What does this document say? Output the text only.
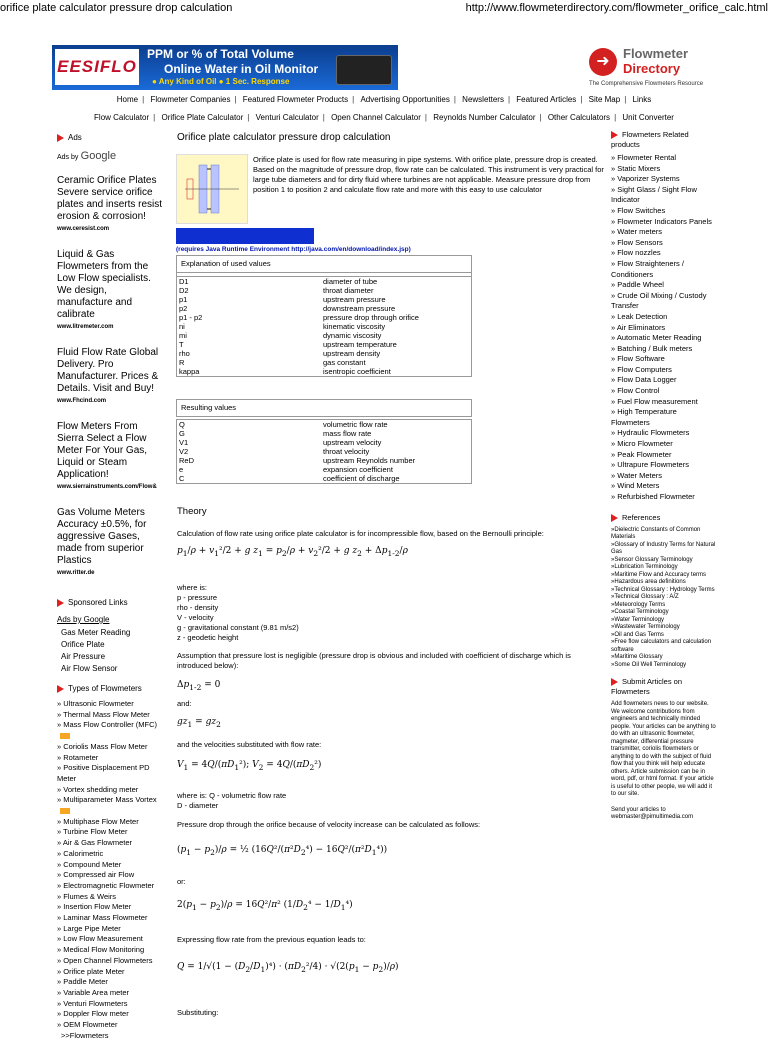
orifice plate calculator pressure drop calculation	http://www.flowmeterdirectory.com/flowmeter_orifice_calc.html
EESIFLO
PPM or % of Total Volume
Online Water in Oil Monitor
● Any Kind of Oil ● 1 Sec. Response
➜	Flowmeter
Directory
The Comprehensive Flowmeters Resource
Home | Flowmeter Companies | Featured Flowmeter Products | Advertising Opportunities | Newsletters | Featured Articles | Site Map | Links
Flow Calculator | Orifice Plate Calculator | Venturi Calculator | Open Channel Calculator | Reynolds Number Calculator | Other Calculators | Unit Converter
Ads
Ads by Google
Ceramic Orifice Plates Severe service orifice plates and inserts resist erosion & corrosion!
www.ceresist.com
Liquid & Gas Flowmeters from the Low Flow specialists. We design, manufacture and calibrate
www.litremeter.com
Fluid Flow Rate Global Delivery. Pro Manufacturer. Prices & Details. Visit and Buy!
www.Fhcind.com
Flow Meters From Sierra Select a Flow Meter For Your Gas, Liquid or Steam Application!
www.sierrainstruments.com/Flow&
Gas Volume Meters Accuracy ±0.5%, for aggressive Gases, made from superior Plastics
www.ritter.de
Sponsored Links
Ads by Google
Gas Meter Reading
Orifice Plate
Air Pressure
Air Flow Sensor
Types of Flowmeters
» Ultrasonic Flowmeter
» Thermal Mass Flow Meter
» Mass Flow Controller (MFC)
» Coriolis Mass Flow Meter
» Rotameter
» Positive Displacement PD Meter
» Vortex shedding meter
» Multiparameter Mass Vortex
» Multiphase Flow Meter
» Turbine Flow Meter
» Air & Gas Flowmeter
» Calorimetric
» Compound Meter
» Compressed air Flow
» Electromagnetic Flowmeter
» Flumes & Weirs
» Insertion Flow Meter
» Laminar Mass Flowmeter
» Large Pipe Meter
» Low Flow Measurement
» Medical Flow Monitoring
» Open Channel Flowmeters
» Orifice plate Meter
» Paddle Meter
» Variable Area meter
» Venturi Flowmeters
» Doppler Flow meter
» OEM Flowmeter
>>Flowmeters
Orifice plate calculator pressure drop calculation
Orifice plate is used for flow rate measuring in pipe systems. With orifice plate, pressure drop is created. Based on the magnitude of pressure drop, flow rate can be calculated. This instrument is very practical for large tube diameters and for dirty fluid where turbines are not applicable. Measure pressure drop from position 1 to position 2 and calculate flow rate and more with this easy to use calculator
(requires Java Runtime Environment http://java.com/en/download/index.jsp)
Explanation of used values

D1	diameter of tube
D2	throat diameter
p1	upstream pressure
p2	downstream pressure
p1 - p2	pressure drop through orifice
ni	kinematic viscosity
mi	dynamic viscosity
T	upstream temperature
rho	upstream density
R	gas constant
kappa	isentropic coefficient
Resulting values
Q	volumetric flow rate
G	mass flow rate
V1	upstream velocity
V2	throat velocity
ReD	upstream Reynolds number
e	expansion coefficient
C	coefficient of discharge
Theory
Calculation of flow rate using orifice plate calculator is for incompressible flow, based on the Bernoulli principle:
$p_1/\rho + v_1^2/2 + g$ $z_1 = p_2/\rho + v_2^2/2 + g$ $z_2 + \Delta p_{1-2}/\rho$
where is:
p - pressure
rho - density
V - velocity
g - gravitational constant (9.81 m/s2)
z - geodetic height
Assumption that pressure lost is negligible (pressure drop is obvious and included with coefficient of discharge which is introduced below):
$\Delta p_{1-2} = 0$
and:
$gz_1 = gz_2$
and the velocities substituted with flow rate:
$V_1 = 4Q/(\pi D_1^2)$; $V_2 = 4Q/(\pi D_2^2)$
where is: Q - volumetric flow rate
D - diameter
Pressure drop through the orifice because of velocity increase can be calculated as follows:
$(p_1 - p_2)/\rho$ = ½ $(16Q^2/(\pi^2D_2^4) - 16Q^2/(\pi^2D_1^4))$
or:
$2(p_1 - p_2)/\rho = 16Q^2/\pi^2$ $(1/D_2^4 - 1/D_1^4)$
Expressing flow rate from the previous equation leads to:
$Q = 1/√(1 - (D_2/D_1)^4) \cdot (\pi D_2^2/4) \cdot √(2(p_1 - p_2)/\rho)$
Substituting:
Flowmeters Related products
» Flowmeter Rental
» Static Mixers
» Vaporizer Systems
» Sight Glass / Sight Flow Indicator
» Flow Switches
» Flowmeter Indicators Panels
» Water meters
» Flow Sensors
» Flow nozzles
» Flow Straighteners / Conditioners
» Paddle Wheel
» Crude Oil Mixing / Custody Transfer
» Leak Detection
» Air Eliminators
» Automatic Meter Reading
» Batching / Bulk meters
» Flow Software
» Flow Computers
» Flow Data Logger
» Flow Control
» Fuel Flow measurement
» High Temperature Flowmeters
» Hydraulic Flowmeters
» Micro Flowmeter
» Peak Flowmeter
» Ultrapure Flowmeters
» Water Meters
» Wind Meters
» Refurbished Flowmeter
References
»Dielectric Constants of Common Materials
»Glossary of Industry Terms for Natural Gas
»Sensor Glossary Terminology
»Lubrication Terminology
»Maritime Flow and Accuracy terms
»Hazardous area definitions
»Technical Glossary : Hydrology Terms
»Technical Glossary : A/Z
»Meteorology Terms
»Coastal Terminology
»Water Terminology
»Wastewater Terminology
»Oil and Gas Terms
»Free flow calculators and calculation software
»Maritime Glossary
»Some Oil Well Terminology
Submit Articles on Flowmeters
Add flowmeters news to our website. We welcome contributions from engineers and technically minded people. Your articles can be anything to do with an ultrasonic flowmeter, magmeter, differential pressure transmitter, coriolis flowmeters or anything to do with the subject of fluid flow that you think will help educate others. Article submission can be in word, pdf, or html format. If your article is useful to other people, we will add it to our site.
Send your articles to webmaster@pimultimedia.com
